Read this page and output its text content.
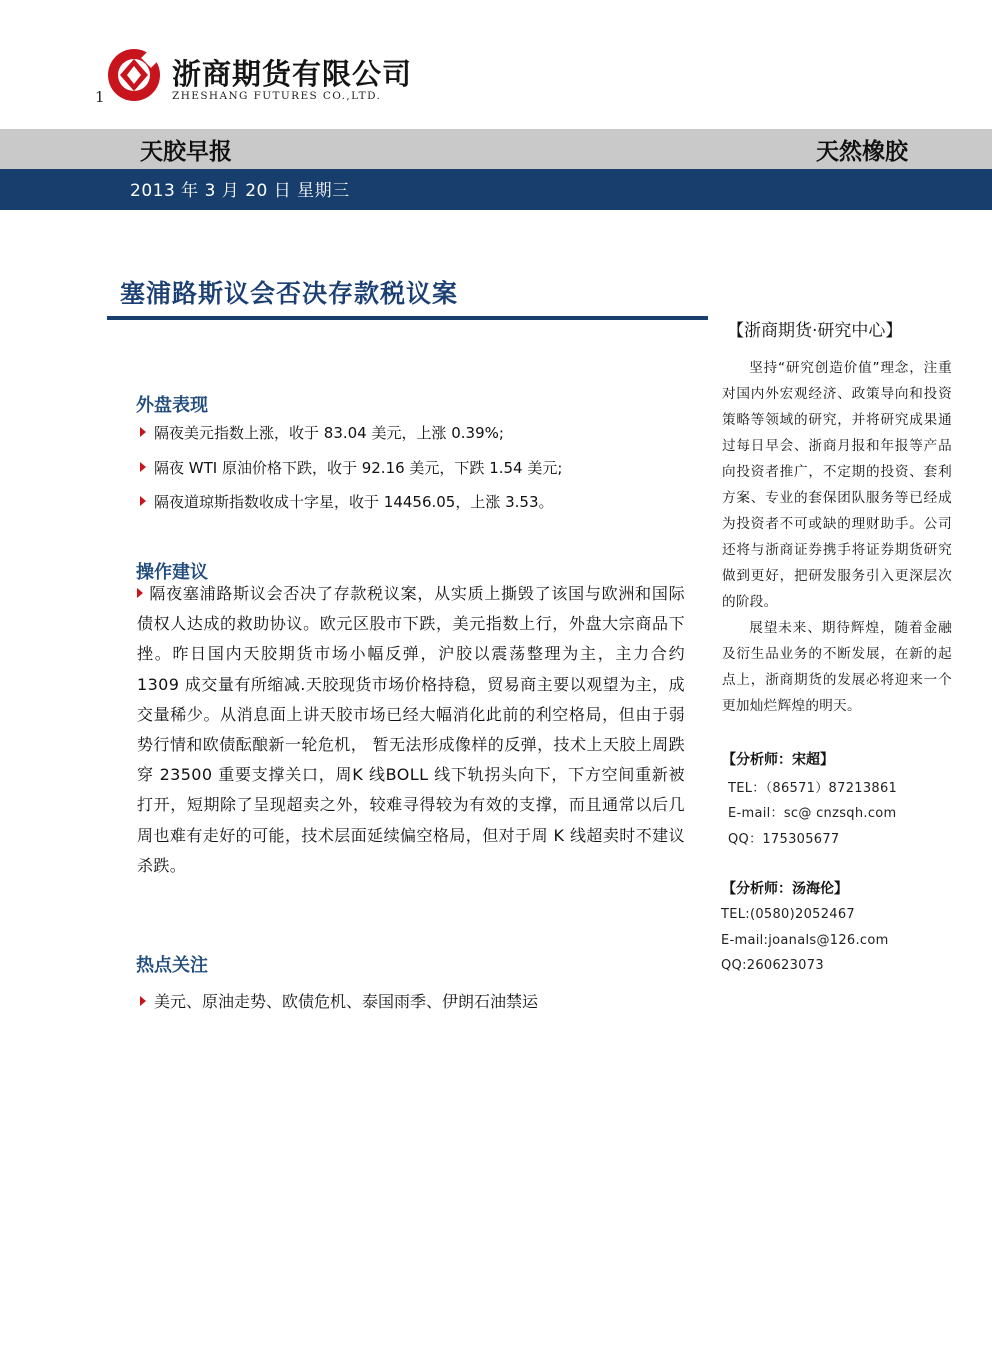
1
浙商期货有限公司
ZHESHANG FUTURES CO.,LTD.
天胶早报	天然橡胶
2013 年 3 月 20 日 星期三
塞浦路斯议会否决存款税议案
外盘表现
隔夜美元指数上涨，收于 83.04 美元，上涨 0.39%;
隔夜 WTI 原油价格下跌，收于 92.16 美元，下跌 1.54 美元;
隔夜道琼斯指数收成十字星，收于 14456.05，上涨 3.53。
操作建议
隔夜塞浦路斯议会否决了存款税议案，从实质上撕毁了该国与欧洲和国际债权人达成的救助协议。欧元区股市下跌，美元指数上行，外盘大宗商品下挫。昨日国内天胶期货市场小幅反弹，沪胶以震荡整理为主，主力合约 1309 成交量有所缩减.天胶现货市场价格持稳，贸易商主要以观望为主，成交量稀少。从消息面上讲天胶市场已经大幅消化此前的利空格局，但由于弱势行情和欧债酝酿新一轮危机， 暂无法形成像样的反弹，技术上天胶上周跌穿 23500 重要支撑关口，周K 线BOLL 线下轨拐头向下，下方空间重新被打开，短期除了呈现超卖之外，较难寻得较为有效的支撑，而且通常以后几周也难有走好的可能，技术层面延续偏空格局，但对于周 K 线超卖时不建议杀跌。
热点关注
美元、原油走势、欧债危机、泰国雨季、伊朗石油禁运
【浙商期货·研究中心】

坚持“研究创造价值”理念，注重对国内外宏观经济、政策导向和投资策略等领域的研究，并将研究成果通过每日早会、浙商月报和年报等产品向投资者推广，不定期的投资、套利方案、专业的套保团队服务等已经成为投资者不可或缺的理财助手。公司还将与浙商证券携手将证券期货研究做到更好，把研发服务引入更深层次的阶段。

展望未来、期待辉煌，随着金融及衍生品业务的不断发展，在新的起点上，浙商期货的发展必将迎来一个更加灿烂辉煌的明天。

【分析师：宋超】
TEL：（86571）87213861
E-mail：sc@ cnzsqh.com
QQ：175305677
【分析师：汤海伦】
TEL:(0580)2052467
E-mail:joanals@126.com
QQ:260623073
